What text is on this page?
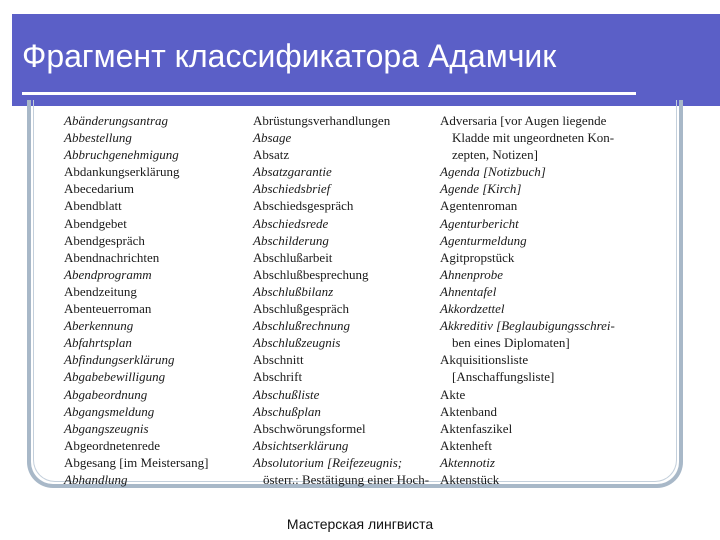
Фрагмент классификатора Адамчик
Abänderungsantrag
Abbestellung
Abbruchgenehmigung
Abdankungserklärung
Abecedarium
Abendblatt
Abendgebet
Abendgespräch
Abendnachrichten
Abendprogramm
Abendzeitung
Abenteuerroman
Aberkennung
Abfahrtsplan
Abfindungserklärung
Abgabebewilligung
Abgabeordnung
Abgangsmeldung
Abgangszeugnis
Abgeordnetenrede
Abgesang [im Meistersang]
Abhandlung
Abrüstungsverhandlungen
Absage
Absatz
Absatzgarantie
Abschiedsbrief
Abschiedsgespräch
Abschiedsrede
Abschilderung
Abschlußarbeit
Abschlußbesprechung
Abschlußbilanz
Abschlußgespräch
Abschlußrechnung
Abschlußzeugnis
Abschnitt
Abschrift
Abschußliste
Abschußplan
Abschwörungsformel
Absichtserklärung
Absolutorium [Reifezeugnis;
österr.: Bestätigung einer Hoch-
Adversaria [vor Augen liegende
Kladde mit ungeordneten Kon-
zepten, Notizen]
Agenda [Notizbuch]
Agende [Kirch]
Agentenroman
Agenturbericht
Agenturmeldung
Agitpropstück
Ahnenprobe
Ahnentafel
Akkordzettel
Akkreditiv [Beglaubigungsschrei-
ben eines Diplomaten]
Akquisitionsliste
[Anschaffungsliste]
Akte
Aktenband
Aktenfaszikel
Aktenheft
Aktennotiz
Aktenstück
Мастерская лингвиста
